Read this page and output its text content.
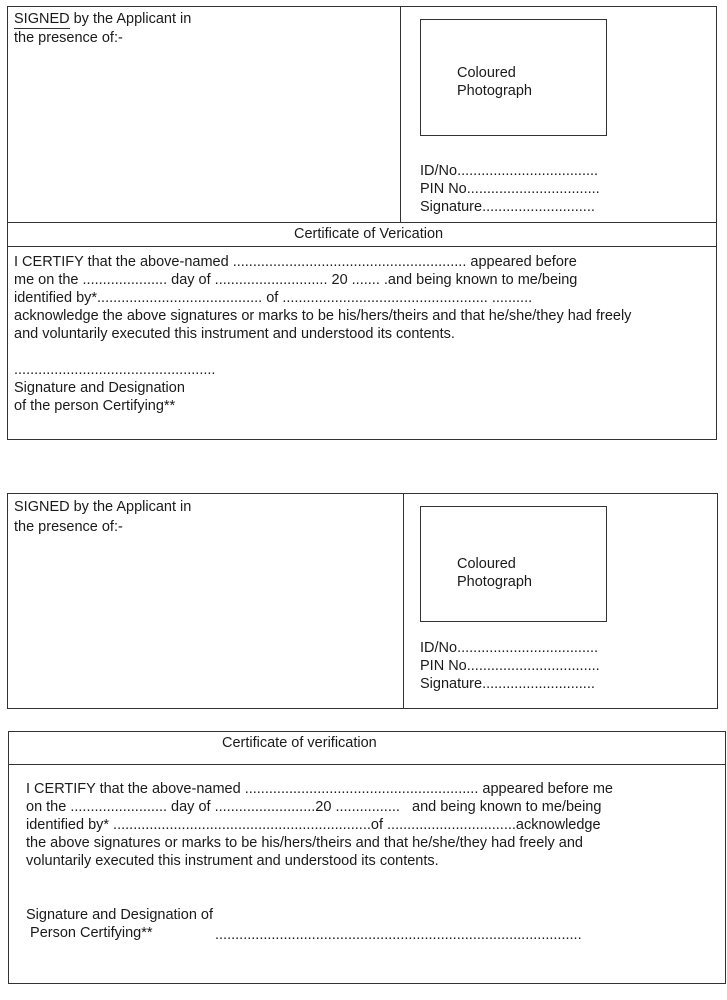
SIGNED by the Applicant in
the presence of:-
Coloured
Photograph
ID/No...................................
PIN No.................................
Signature............................
Certificate of Verication
I CERTIFY that the above-named .......................................................... appeared before
me on the ..................... day of ............................ 20 ....... .and being known to me/being
identified by*......................................... of ................................................... ..........
acknowledge the above signatures or marks to be his/hers/theirs and that he/she/they had freely
and voluntarily executed this instrument and understood its contents.
..................................................
Signature and Designation
of the person Certifying**
SIGNED by the Applicant in
the presence of:-
Coloured
Photograph
ID/No...................................
PIN No.................................
Signature............................
Certificate of verification
I CERTIFY that the above-named .......................................................... appeared before me
on the ........................ day of .........................20 ................   and being known to me/being
identified by* ................................................................of ................................acknowledge
the above signatures or marks to be his/hers/theirs and that he/she/they had freely and
voluntarily executed this instrument and understood its contents.
Signature and Designation of
Person Certifying**	...........................................................................................
